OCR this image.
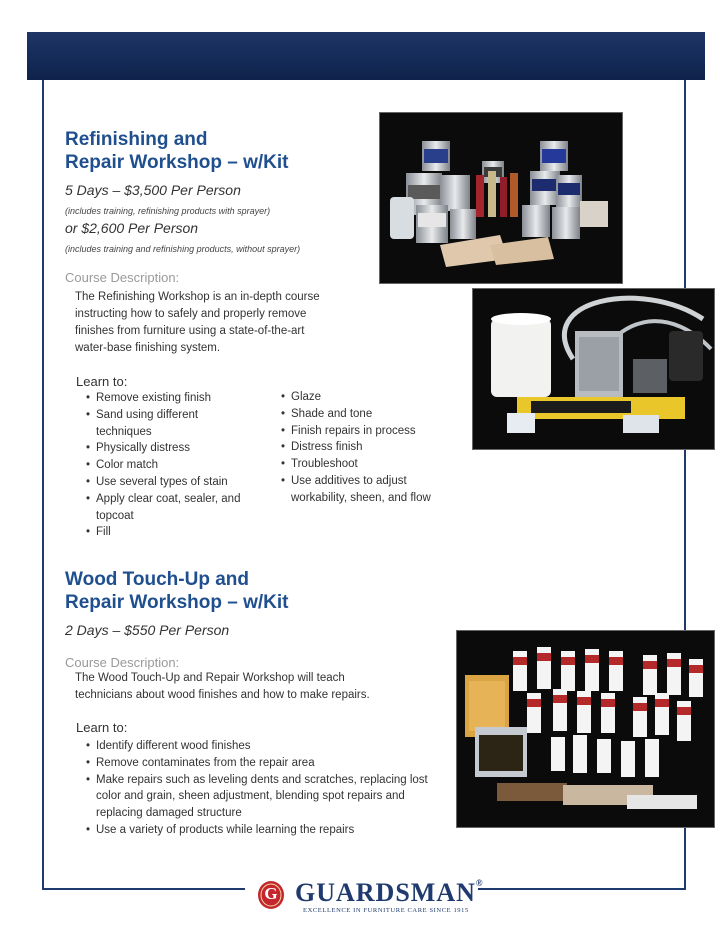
Refinishing and
Repair Workshop – w/Kit
5 Days – $3,500 Per Person
(includes training, refinishing products with sprayer)
or $2,600 Per Person
(includes training and refinishing products, without sprayer)
Course Description:
The Refinishing Workshop is an in-depth course
instructing how to safely and properly remove
finishes from furniture using a state-of-the-art
water-base finishing system.
Learn to:
• Remove existing finish
• Sand using different techniques
• Physically distress
• Color match
• Use several types of stain
• Apply clear coat, sealer, and topcoat
• Fill
• Glaze
• Shade and tone
• Finish repairs in process
• Distress finish
• Troubleshoot
• Use additives to adjust workability, sheen, and flow
Wood Touch-Up and
Repair Workshop – w/Kit
2 Days – $550 Per Person
Course Description:
The Wood Touch-Up and Repair Workshop will teach
technicians about wood finishes and how to make repairs.
Learn to:
• Identify different wood finishes
• Remove contaminates from the repair area
• Make repairs such as leveling dents and scratches, replacing lost color and grain, sheen adjustment, blending spot repairs and replacing damaged structure
• Use a variety of products while learning the repairs
G GUARDSMAN®
EXCELLENCE IN FURNITURE CARE SINCE 1915
